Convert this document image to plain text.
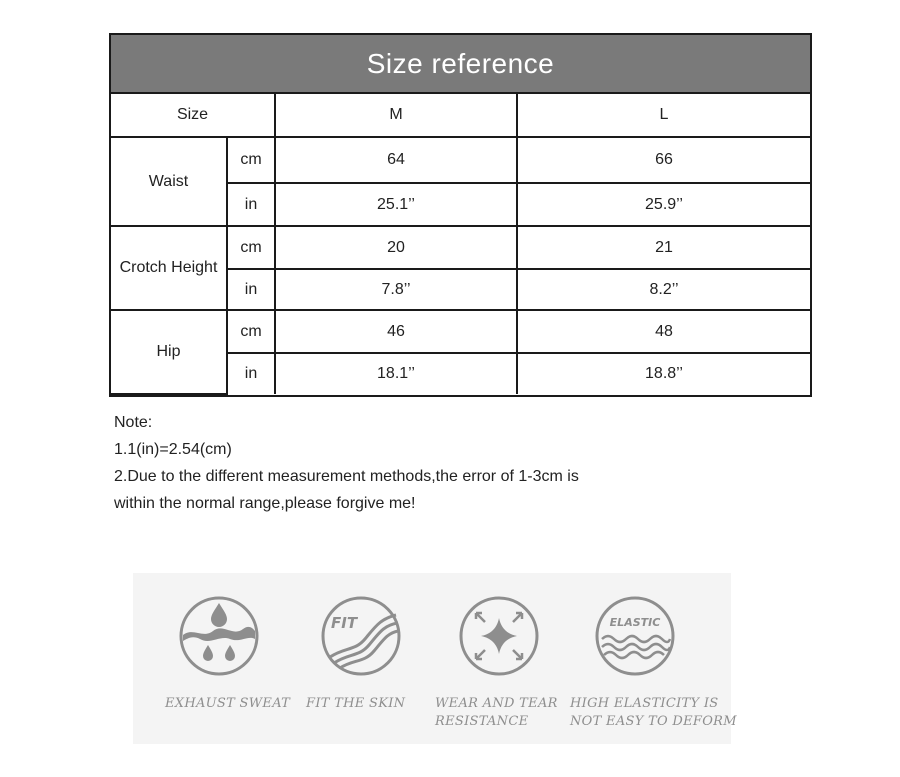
Size reference
Size		M	L
Waist	cm	64	66
	in	25.1’’	25.9’’
Crotch Height	cm	20	21
	in	7.8’’	8.2’’
Hip	cm	46	48
	in	18.1’’	18.8’’
Note:
1.1(in)=2.54(cm)
2.Due to the different measurement methods,the error of 1-3cm is
within the normal range,please forgive me!
EXHAUST SWEAT
FIT
FIT THE SKIN WEAR AND TEAR
RESISTANCE
ELASTIC
HIGH ELASTICITY IS
NOT EASY TO DEFORM
